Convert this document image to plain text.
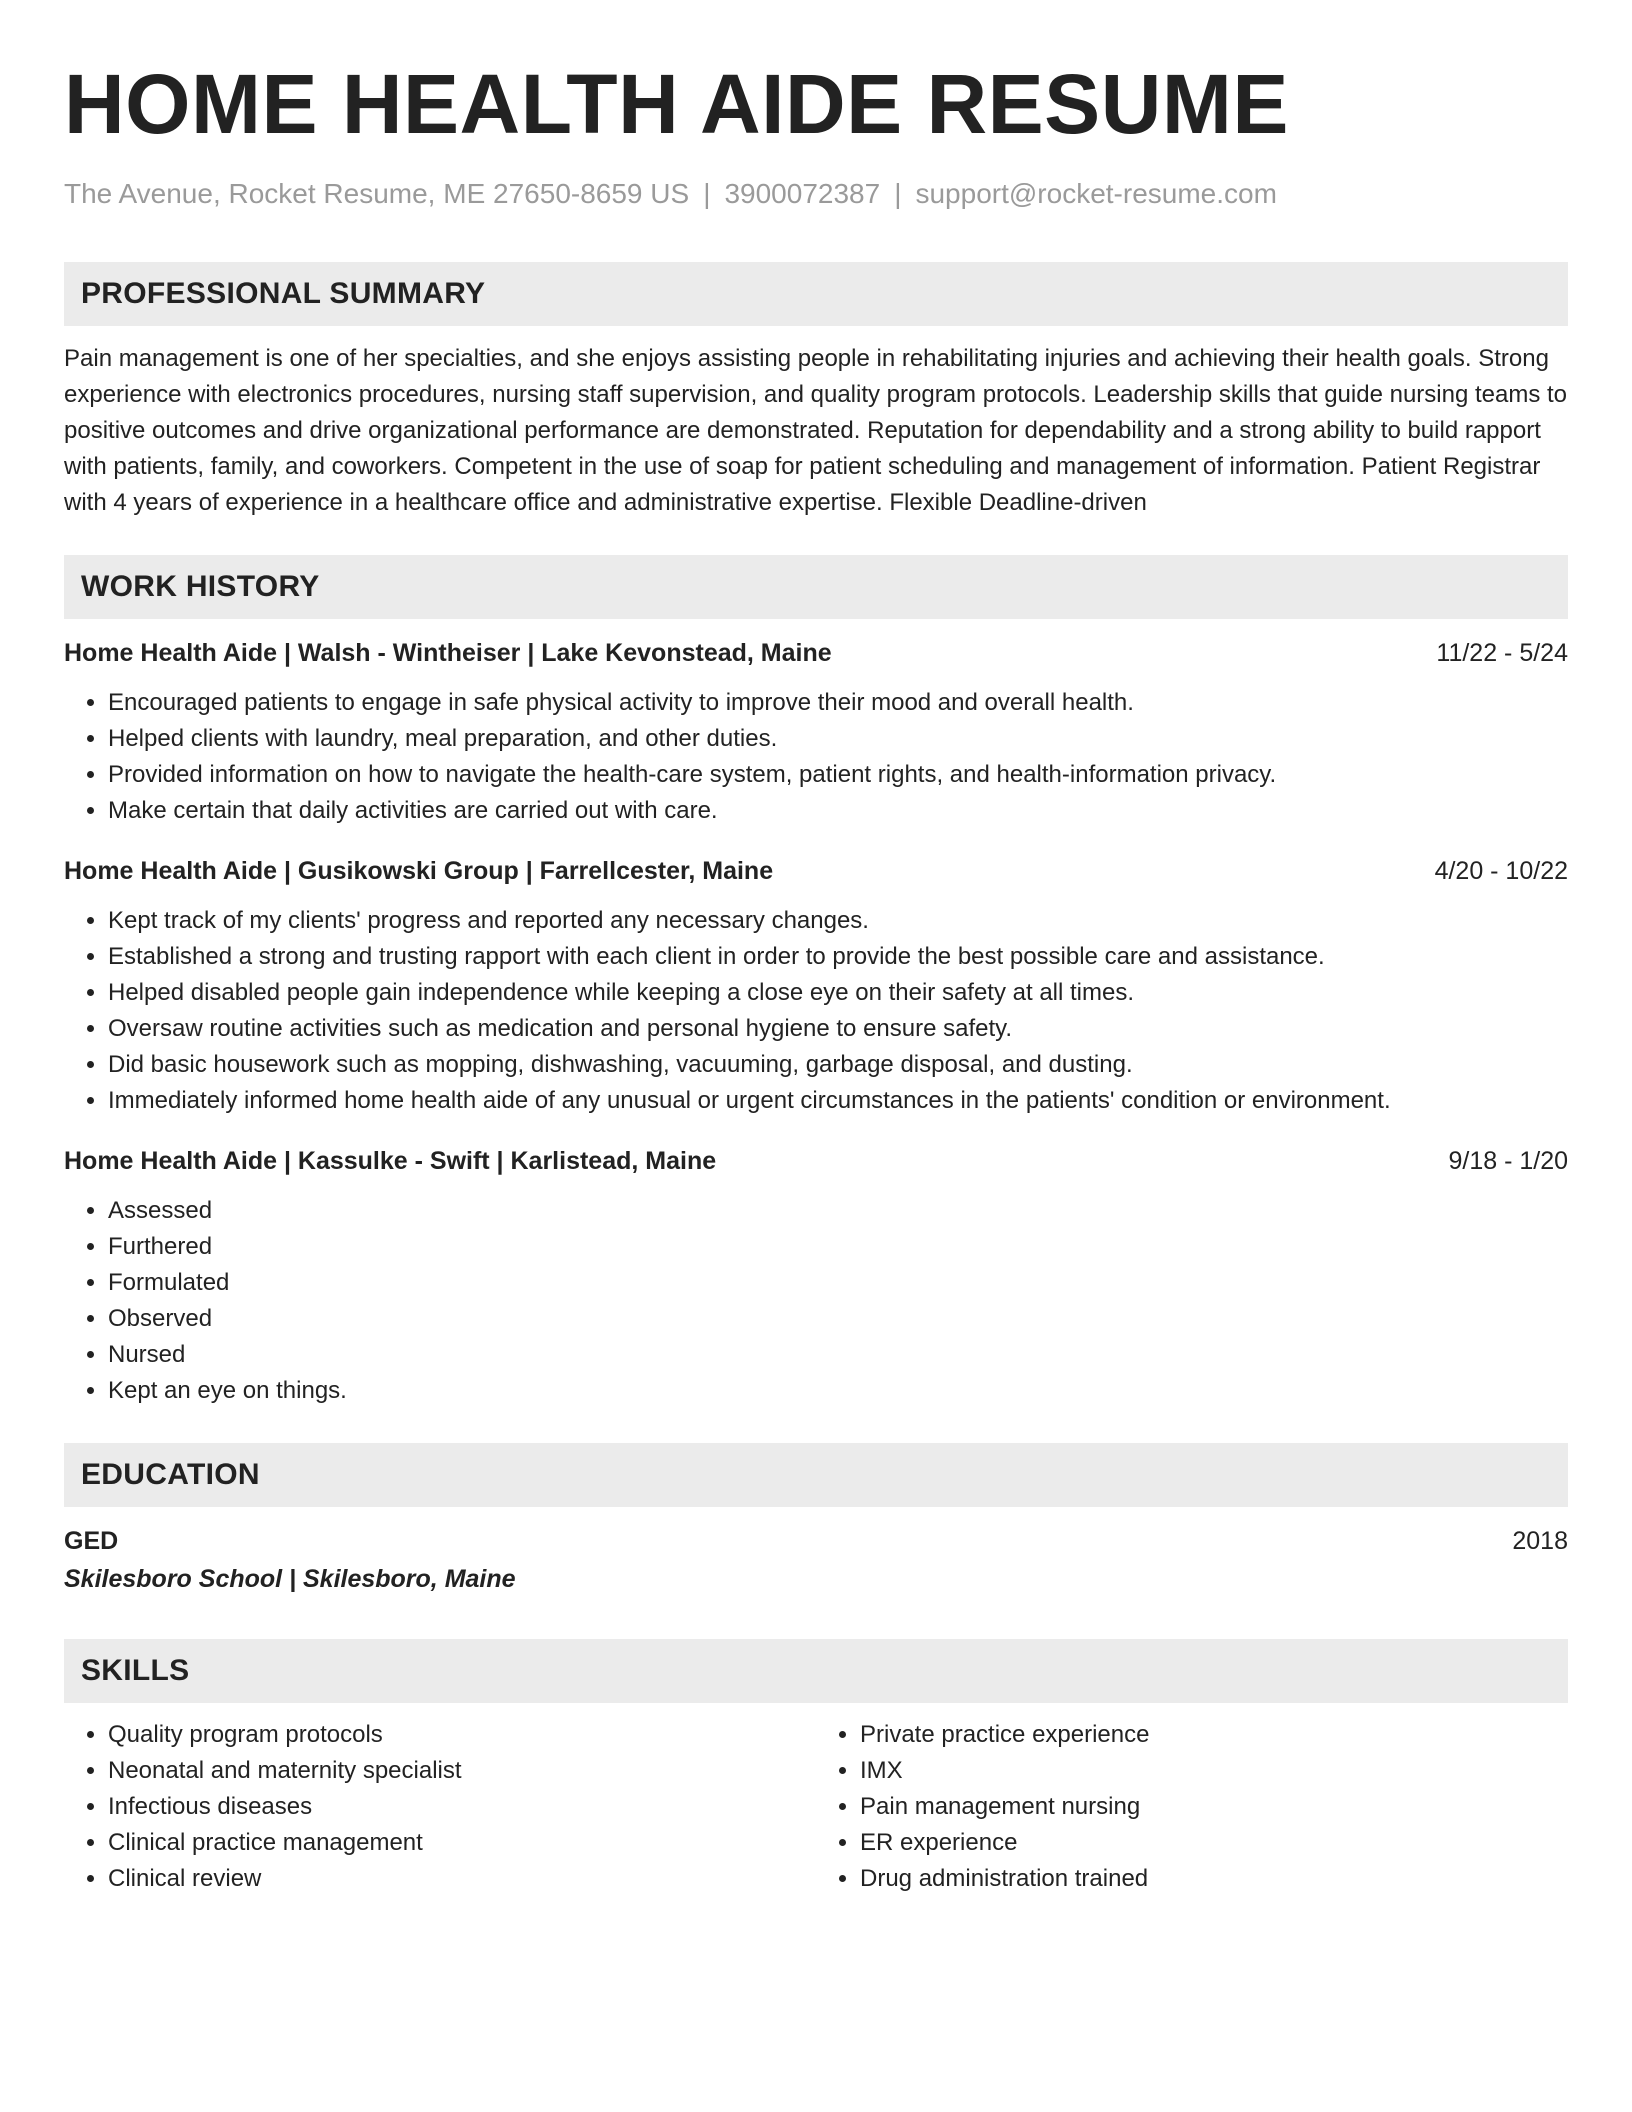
HOME HEALTH AIDE RESUME
The Avenue, Rocket Resume, ME 27650-8659 US | 3900072387 | support@rocket-resume.com
PROFESSIONAL SUMMARY
Pain management is one of her specialties, and she enjoys assisting people in rehabilitating injuries and achieving their health goals. Strong experience with electronics procedures, nursing staff supervision, and quality program protocols. Leadership skills that guide nursing teams to positive outcomes and drive organizational performance are demonstrated. Reputation for dependability and a strong ability to build rapport with patients, family, and coworkers. Competent in the use of soap for patient scheduling and management of information. Patient Registrar with 4 years of experience in a healthcare office and administrative expertise. Flexible Deadline-driven
WORK HISTORY
Home Health Aide | Walsh - Wintheiser | Lake Kevonstead, Maine	11/22 - 5/24
• Encouraged patients to engage in safe physical activity to improve their mood and overall health.
• Helped clients with laundry, meal preparation, and other duties.
• Provided information on how to navigate the health-care system, patient rights, and health-information privacy.
• Make certain that daily activities are carried out with care.
Home Health Aide | Gusikowski Group | Farrellcester, Maine	4/20 - 10/22
• Kept track of my clients' progress and reported any necessary changes.
• Established a strong and trusting rapport with each client in order to provide the best possible care and assistance.
• Helped disabled people gain independence while keeping a close eye on their safety at all times.
• Oversaw routine activities such as medication and personal hygiene to ensure safety.
• Did basic housework such as mopping, dishwashing, vacuuming, garbage disposal, and dusting.
• Immediately informed home health aide of any unusual or urgent circumstances in the patients' condition or environment.
Home Health Aide | Kassulke - Swift | Karlistead, Maine	9/18 - 1/20
• Assessed
• Furthered
• Formulated
• Observed
• Nursed
• Kept an eye on things.
EDUCATION
GED	2018
Skilesboro School | Skilesboro, Maine
SKILLS
• Quality program protocols
• Neonatal and maternity specialist
• Infectious diseases
• Clinical practice management
• Clinical review
• Private practice experience
• IMX
• Pain management nursing
• ER experience
• Drug administration trained
